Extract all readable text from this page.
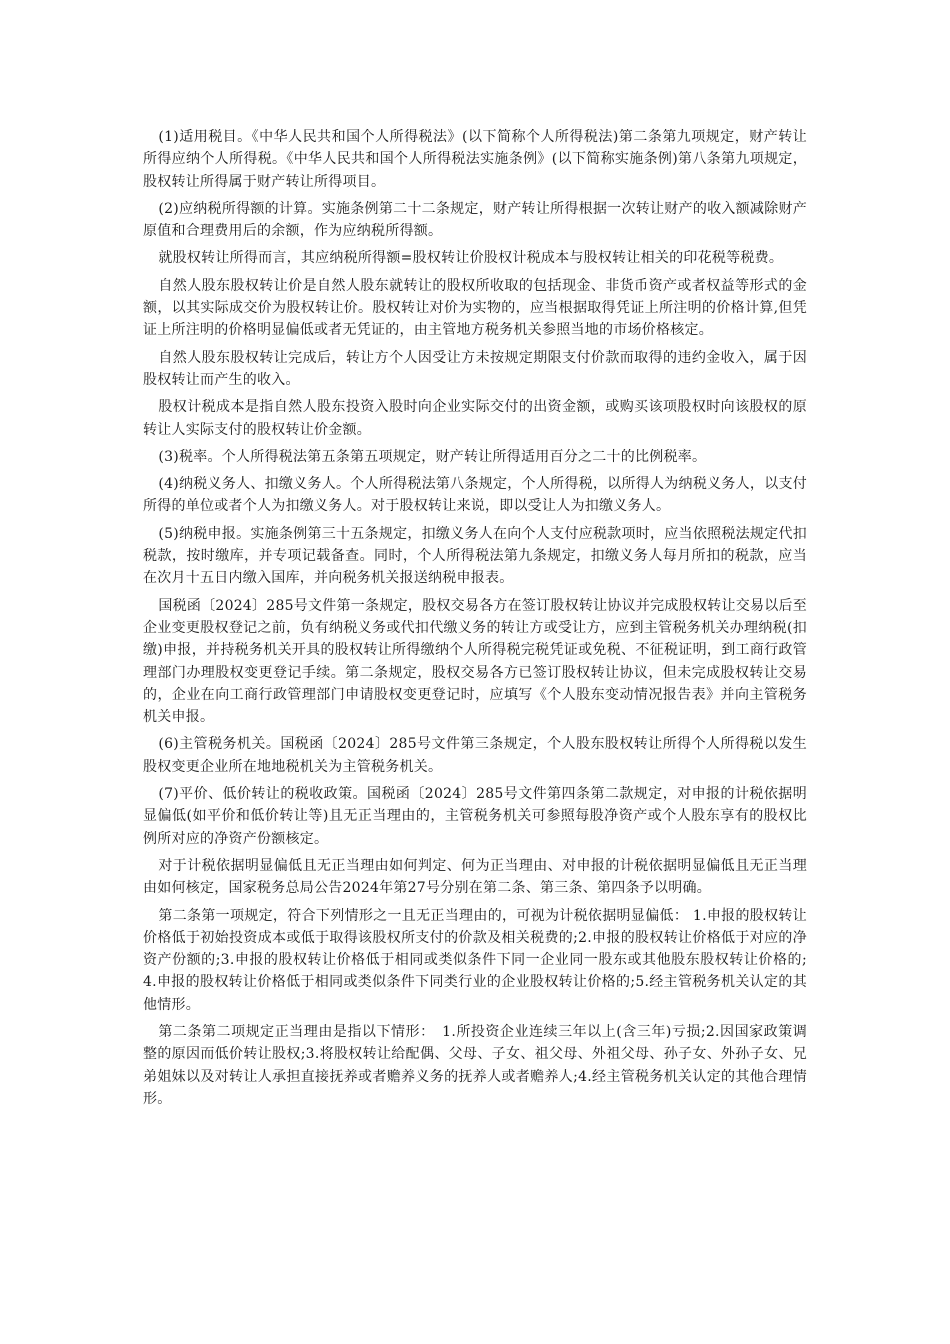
(1)适用税目。《中华人民共和国个人所得税法》(以下简称个人所得税法)第二条第九项规定，财产转让所得应纳个人所得税。《中华人民共和国个人所得税法实施条例》(以下简称实施条例)第八条第九项规定，股权转让所得属于财产转让所得项目。

(2)应纳税所得额的计算。实施条例第二十二条规定，财产转让所得根据一次转让财产的收入额减除财产原值和合理费用后的余额，作为应纳税所得额。

就股权转让所得而言，其应纳税所得额=股权转让价股权计税成本与股权转让相关的印花税等税费。

自然人股东股权转让价是自然人股东就转让的股权所收取的包括现金、非货币资产或者权益等形式的金额，以其实际成交价为股权转让价。股权转让对价为实物的，应当根据取得凭证上所注明的价格计算,但凭证上所注明的价格明显偏低或者无凭证的，由主管地方税务机关参照当地的市场价格核定。

自然人股东股权转让完成后，转让方个人因受让方未按规定期限支付价款而取得的违约金收入，属于因股权转让而产生的收入。

股权计税成本是指自然人股东投资入股时向企业实际交付的出资金额，或购买该项股权时向该股权的原转让人实际支付的股权转让价金额。

(3)税率。个人所得税法第五条第五项规定，财产转让所得适用百分之二十的比例税率。

(4)纳税义务人、扣缴义务人。个人所得税法第八条规定，个人所得税，以所得人为纳税义务人，以支付所得的单位或者个人为扣缴义务人。对于股权转让来说，即以受让人为扣缴义务人。

(5)纳税申报。实施条例第三十五条规定，扣缴义务人在向个人支付应税款项时，应当依照税法规定代扣税款，按时缴库，并专项记载备查。同时，个人所得税法第九条规定，扣缴义务人每月所扣的税款，应当在次月十五日内缴入国库，并向税务机关报送纳税申报表。

国税函〔2024〕285号文件第一条规定，股权交易各方在签订股权转让协议并完成股权转让交易以后至企业变更股权登记之前，负有纳税义务或代扣代缴义务的转让方或受让方，应到主管税务机关办理纳税(扣缴)申报，并持税务机关开具的股权转让所得缴纳个人所得税完税凭证或免税、不征税证明，到工商行政管理部门办理股权变更登记手续。第二条规定，股权交易各方已签订股权转让协议，但未完成股权转让交易的，企业在向工商行政管理部门申请股权变更登记时，应填写《个人股东变动情况报告表》并向主管税务机关申报。

(6)主管税务机关。国税函〔2024〕285号文件第三条规定，个人股东股权转让所得个人所得税以发生股权变更企业所在地地税机关为主管税务机关。

(7)平价、低价转让的税收政策。国税函〔2024〕285号文件第四条第二款规定，对申报的计税依据明显偏低(如平价和低价转让等)且无正当理由的，主管税务机关可参照每股净资产或个人股东享有的股权比例所对应的净资产份额核定。

对于计税依据明显偏低且无正当理由如何判定、何为正当理由、对申报的计税依据明显偏低且无正当理由如何核定，国家税务总局公告2024年第27号分别在第二条、第三条、第四条予以明确。

第二条第一项规定，符合下列情形之一且无正当理由的，可视为计税依据明显偏低： 1.申报的股权转让价格低于初始投资成本或低于取得该股权所支付的价款及相关税费的;2.申报的股权转让价格低于对应的净资产份额的;3.申报的股权转让价格低于相同或类似条件下同一企业同一股东或其他股东股权转让价格的;4.申报的股权转让价格低于相同或类似条件下同类行业的企业股权转让价格的;5.经主管税务机关认定的其他情形。

第二条第二项规定正当理由是指以下情形：　1.所投资企业连续三年以上(含三年)亏损;2.因国家政策调整的原因而低价转让股权;3.将股权转让给配偶、父母、子女、祖父母、外祖父母、孙子女、外孙子女、兄弟姐妹以及对转让人承担直接抚养或者赡养义务的抚养人或者赡养人;4.经主管税务机关认定的其他合理情形。
